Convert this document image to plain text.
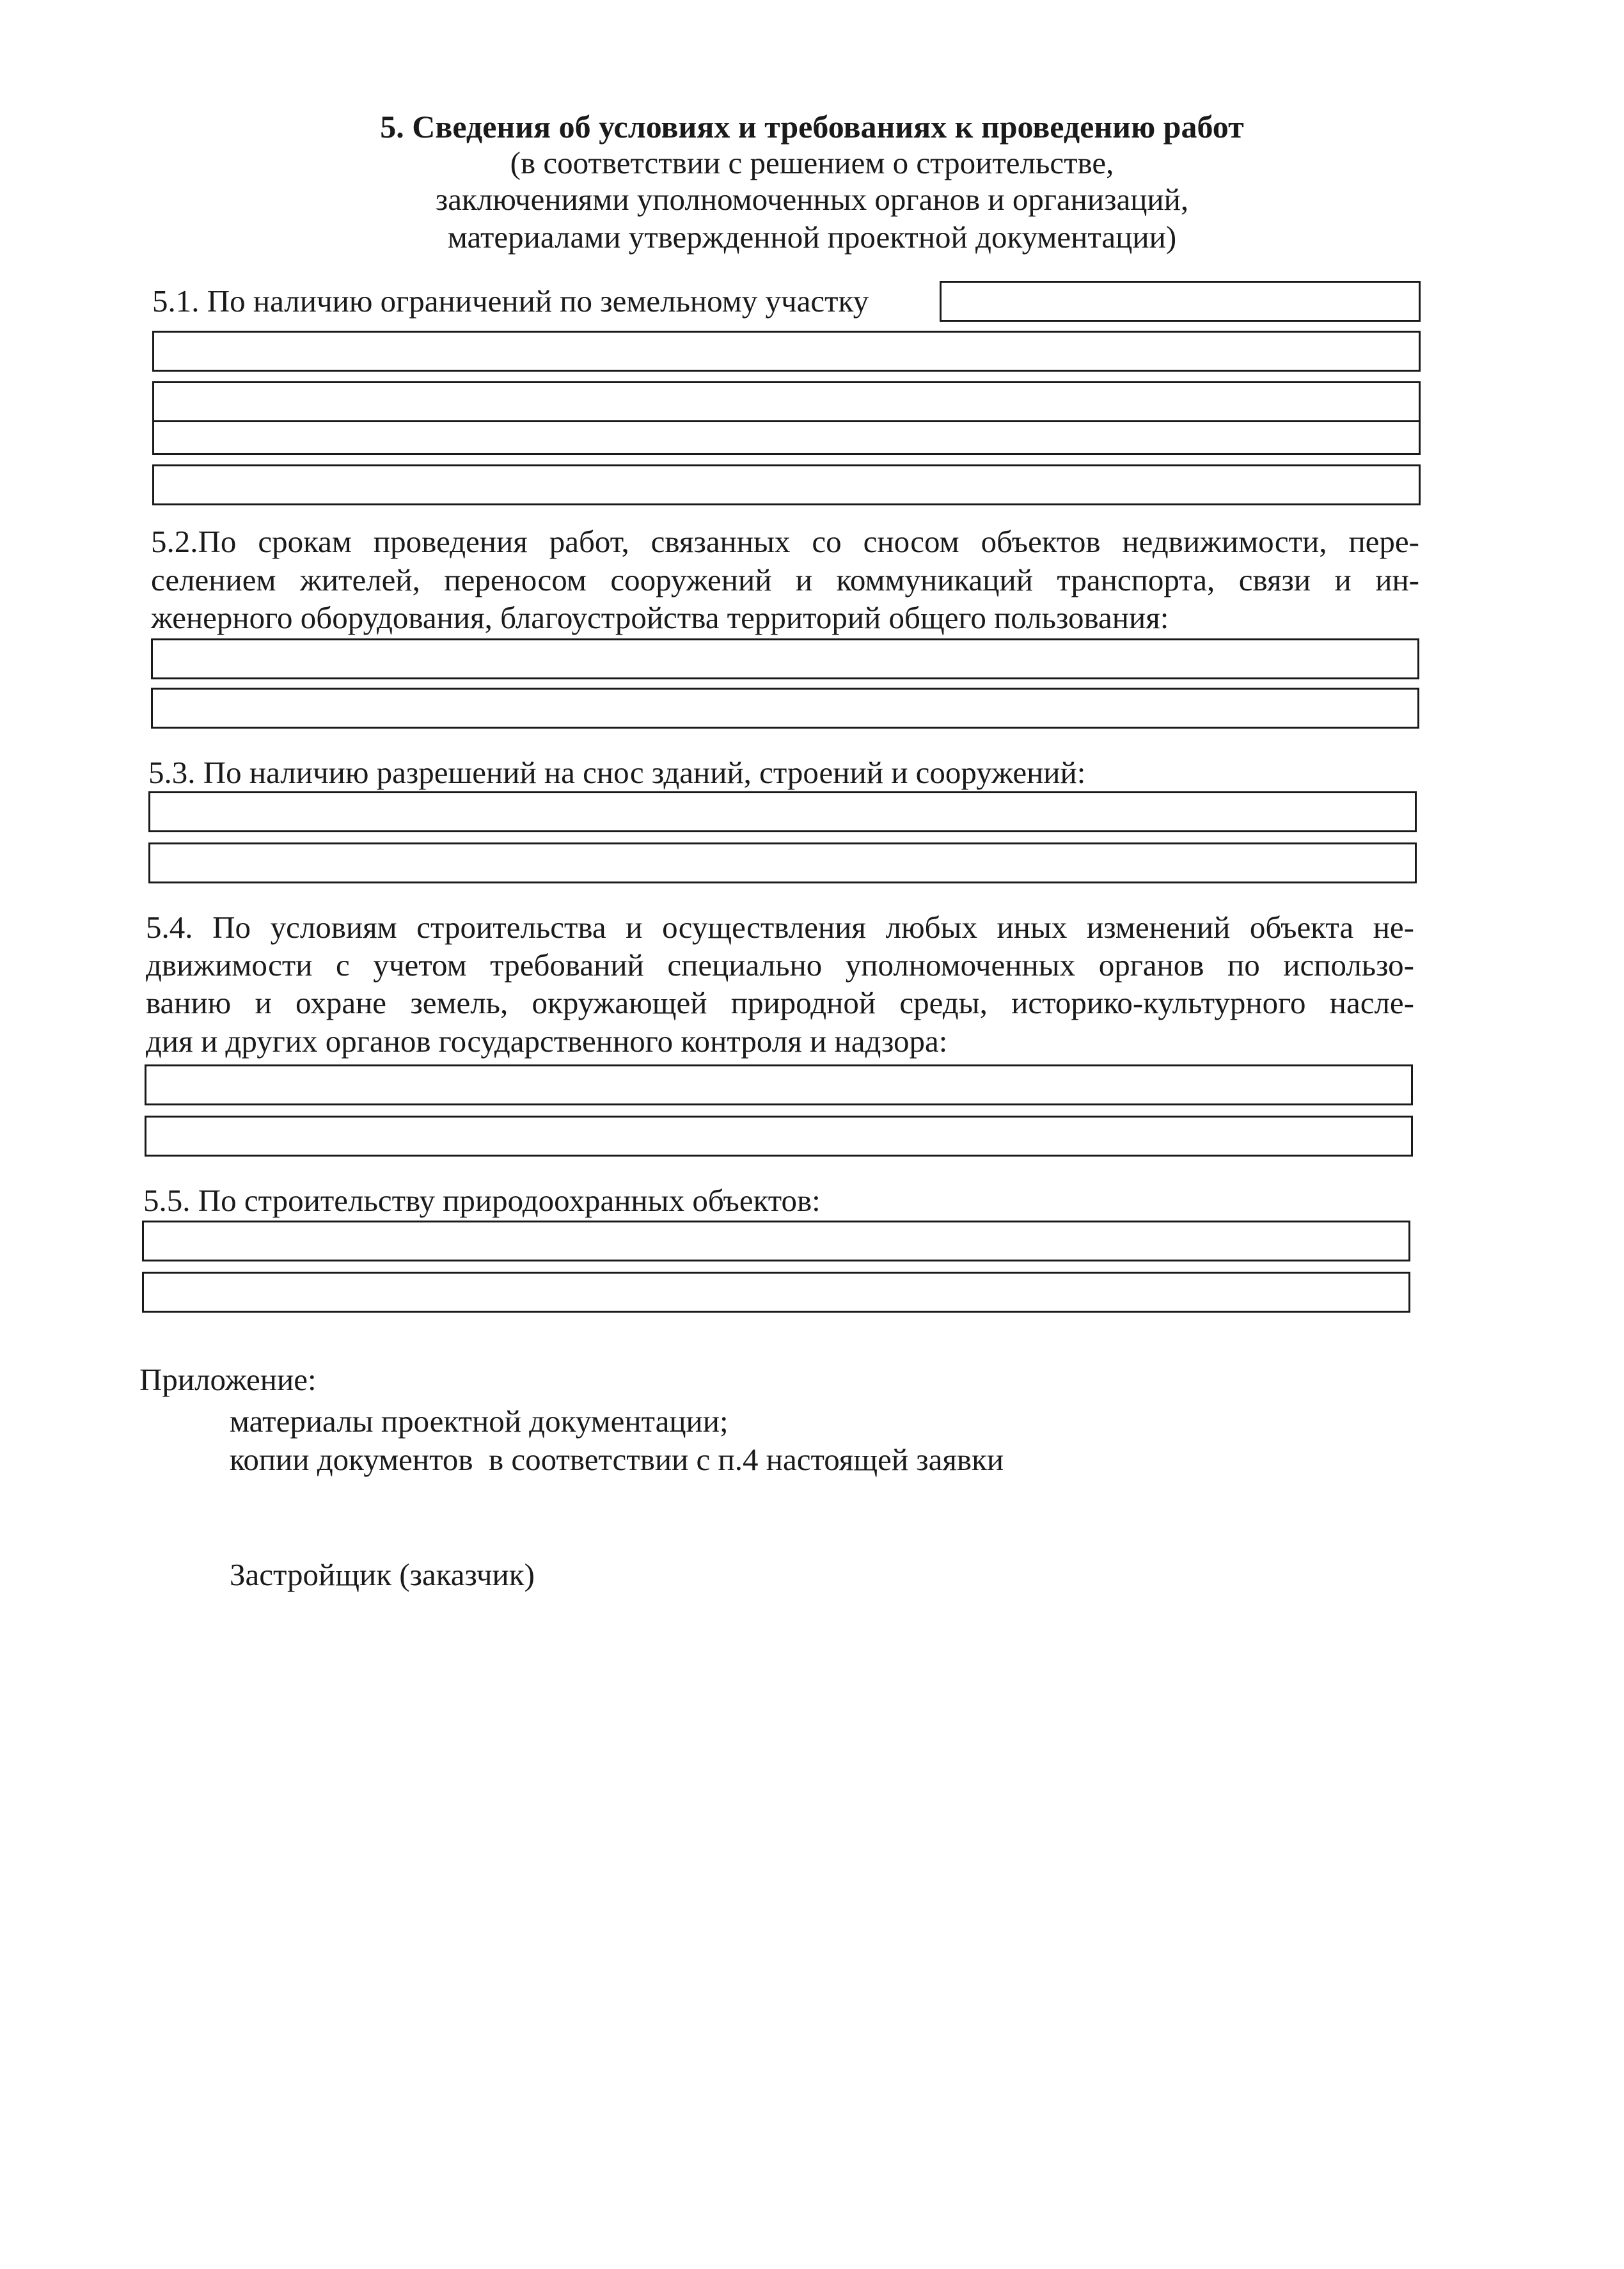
5. Сведения об условиях и требованиях к проведению работ
(в соответствии с решением о строительстве,
заключениями уполномоченных органов и организаций,
материалами утвержденной проектной документации)
5.1. По наличию ограничений по земельному участку
5.2.По срокам проведения работ, связанных со сносом объектов недвижимости, пере-
селением жителей, переносом сооружений и коммуникаций транспорта, связи и ин-
женерного оборудования, благоустройства территорий общего пользования:
5.3. По наличию разрешений на снос зданий, строений и сооружений:
5.4. По условиям строительства и осуществления любых иных изменений объекта не-
движимости с учетом требований специально уполномоченных органов по использо-
ванию и охране земель, окружающей природной среды, историко-культурного насле-
дия и других органов государственного контроля и надзора:
5.5. По строительству природоохранных объектов:
Приложение:
материалы проектной документации;
копии документов  в соответствии с п.4 настоящей заявки
Застройщик (заказчик)
